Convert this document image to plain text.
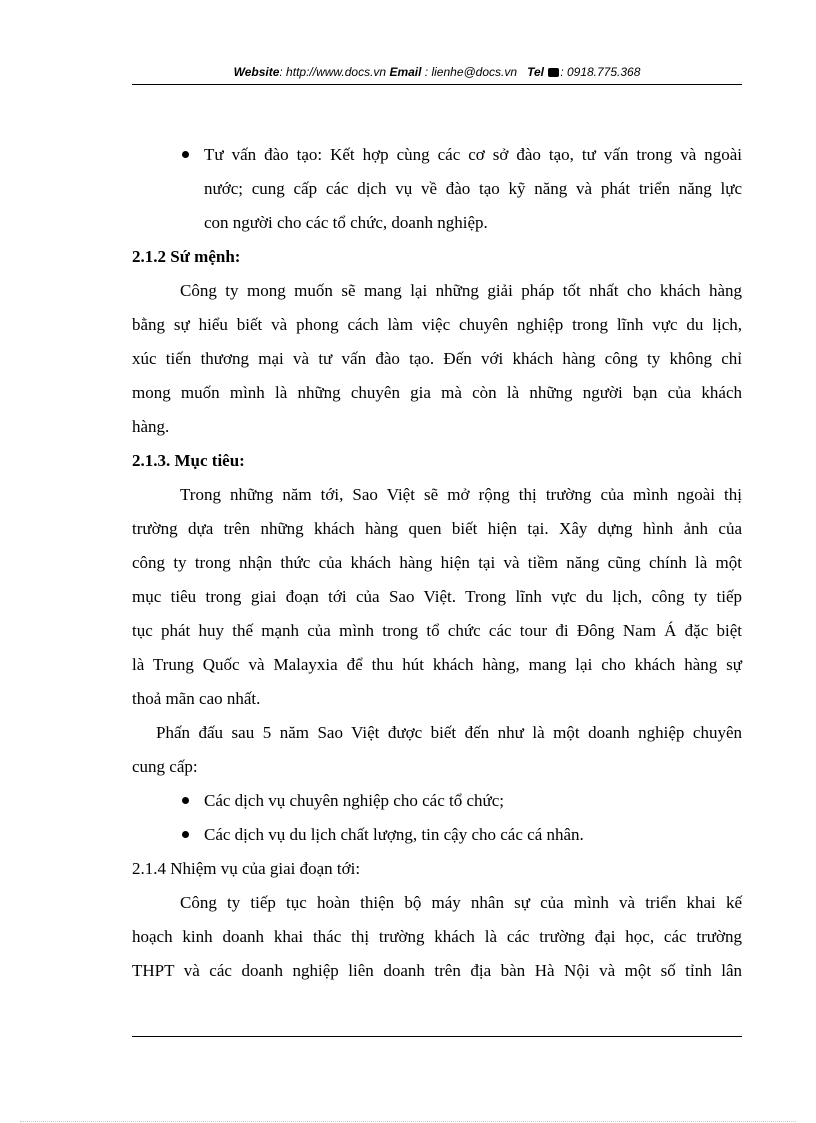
Website: http://www.docs.vn Email : lienhe@docs.vn Tel : 0918.775.368
Tư vấn đào tạo: Kết hợp cùng các cơ sở đào tạo, tư vấn trong và ngoài
nước; cung cấp các dịch vụ về đào tạo kỹ năng và phát triển năng lực
con người cho các tổ chức, doanh nghiệp.

2.1.2 Sứ mệnh:

Công ty mong muốn sẽ mang lại những giải pháp tốt nhất cho khách hàng
bằng sự hiểu biết và phong cách làm việc chuyên nghiệp trong lĩnh vực du lịch,
xúc tiến thương mại và tư vấn đào tạo. Đến với khách hàng công ty không chỉ
mong muốn mình là những chuyên gia mà còn là những người bạn của khách
hàng.

2.1.3. Mục tiêu:

Trong những năm tới, Sao Việt sẽ mở rộng thị trường của mình ngoài thị
trường dựa trên những khách hàng quen biết hiện tại. Xây dựng hình ảnh của
công ty trong nhận thức của khách hàng hiện tại và tiềm năng cũng chính là một
mục tiêu trong giai đoạn tới của Sao Việt. Trong lĩnh vực du lịch, công ty tiếp
tục phát huy thế mạnh của mình trong tổ chức các tour đi Đông Nam Á đặc biệt
là Trung Quốc và Malayxia để thu hút khách hàng, mang lại cho khách hàng sự
thoả mãn cao nhất.
Phấn đấu sau 5 năm Sao Việt được biết đến như là một doanh nghiệp chuyên
cung cấp:
Các dịch vụ chuyên nghiệp cho các tổ chức;
Các dịch vụ du lịch chất lượng, tin cậy cho các cá nhân.

2.1.4 Nhiệm vụ của giai đoạn tới:

Công ty tiếp tục hoàn thiện bộ máy nhân sự của mình và triển khai kế
hoạch kinh doanh khai thác thị trường khách là các trường đại học, các trường
THPT và các doanh nghiệp liên doanh trên địa bàn Hà Nội và một số tỉnh lân
